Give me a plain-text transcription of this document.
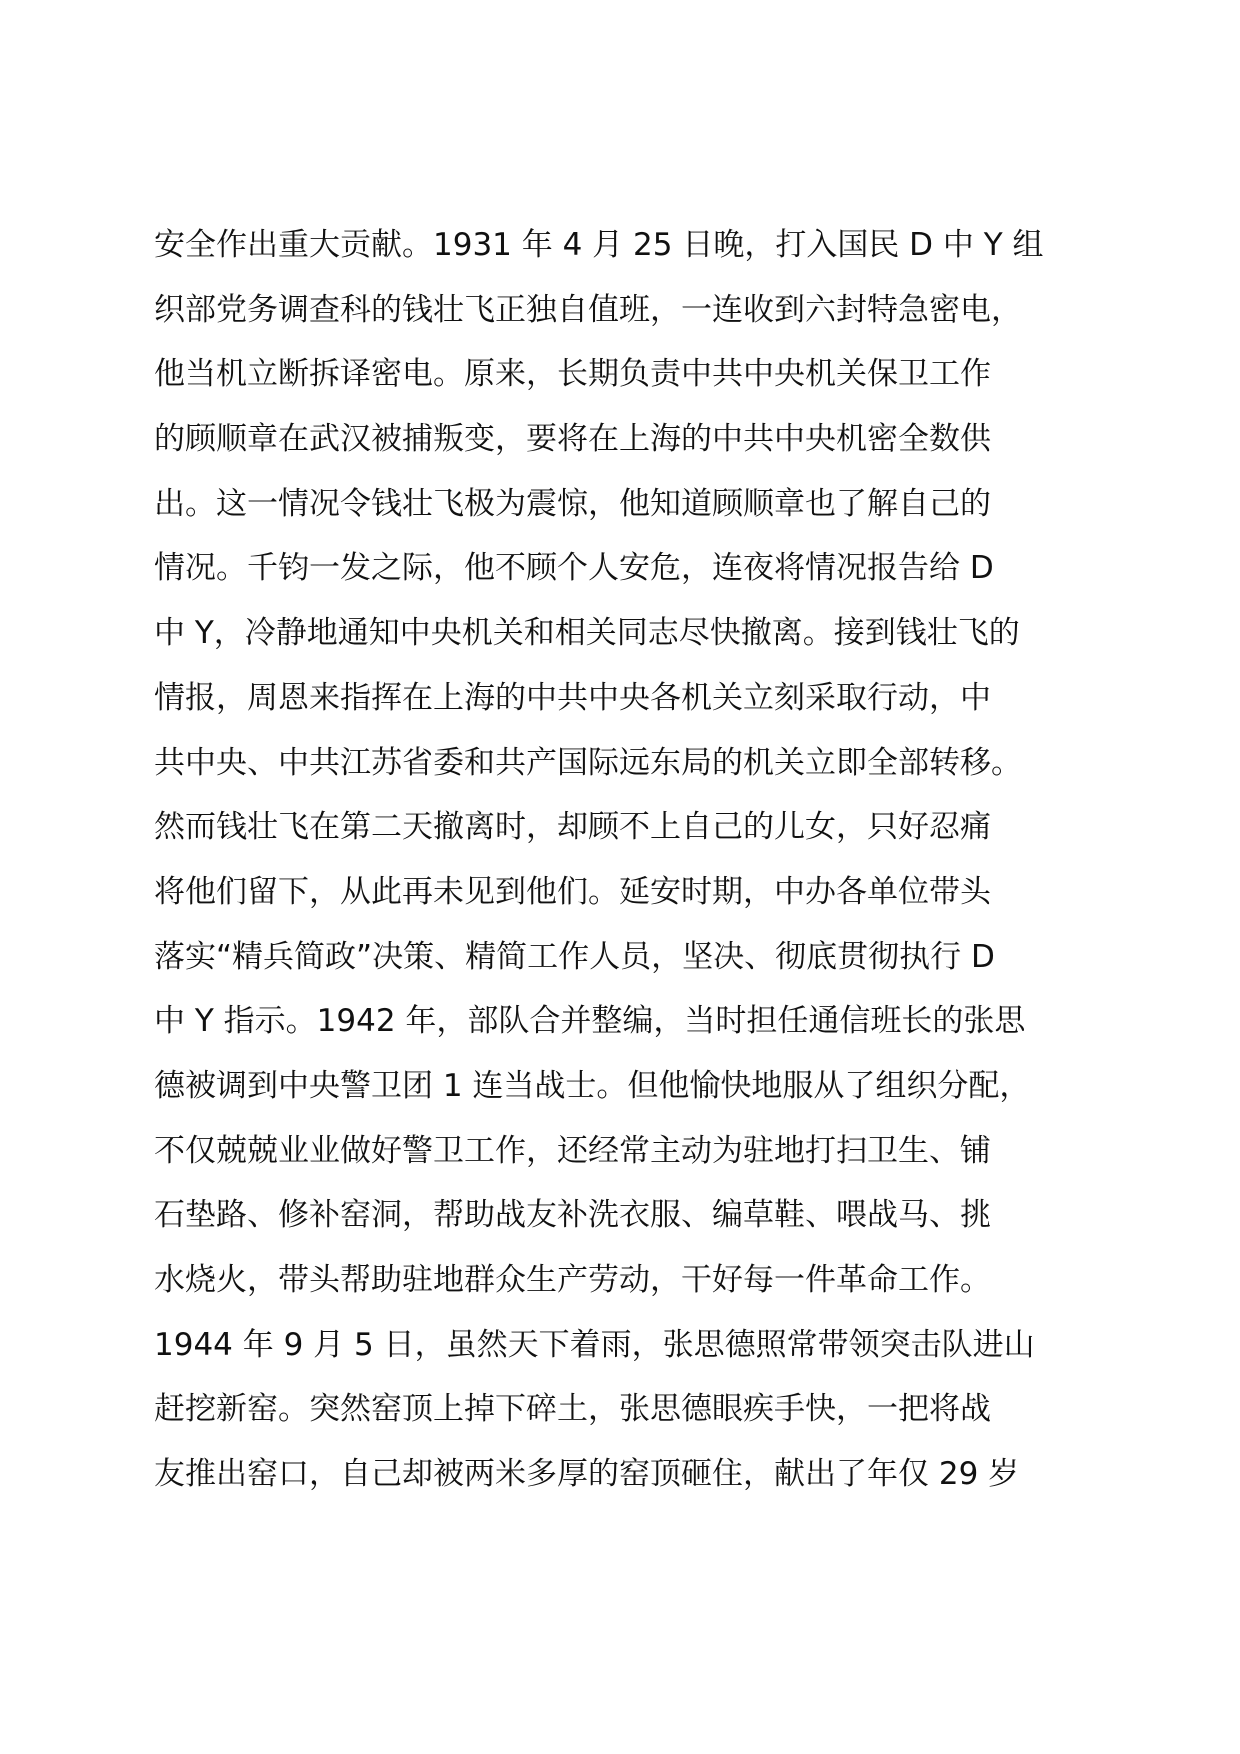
安全作出重大贡献。1931 年 4 月 25 日晚，打入国民 D 中 Y 组
织部党务调查科的钱壮飞正独自值班，一连收到六封特急密电，
他当机立断拆译密电。原来，长期负责中共中央机关保卫工作
的顾顺章在武汉被捕叛变，要将在上海的中共中央机密全数供
出。这一情况令钱壮飞极为震惊，他知道顾顺章也了解自己的
情况。千钧一发之际，他不顾个人安危，连夜将情况报告给 D
中 Y，冷静地通知中央机关和相关同志尽快撤离。接到钱壮飞的
情报，周恩来指挥在上海的中共中央各机关立刻采取行动，中
共中央、中共江苏省委和共产国际远东局的机关立即全部转移。
然而钱壮飞在第二天撤离时，却顾不上自己的儿女，只好忍痛
将他们留下，从此再未见到他们。延安时期，中办各单位带头
落实“精兵简政”决策、精简工作人员，坚决、彻底贯彻执行 D
中 Y 指示。1942 年，部队合并整编，当时担任通信班长的张思
德被调到中央警卫团 1 连当战士。但他愉快地服从了组织分配，
不仅兢兢业业做好警卫工作，还经常主动为驻地打扫卫生、铺
石垫路、修补窑洞，帮助战友补洗衣服、编草鞋、喂战马、挑
水烧火，带头帮助驻地群众生产劳动，干好每一件革命工作。
1944 年 9 月 5 日，虽然天下着雨，张思德照常带领突击队进山
赶挖新窑。突然窑顶上掉下碎土，张思德眼疾手快，一把将战
友推出窑口，自己却被两米多厚的窑顶砸住，献出了年仅 29 岁
